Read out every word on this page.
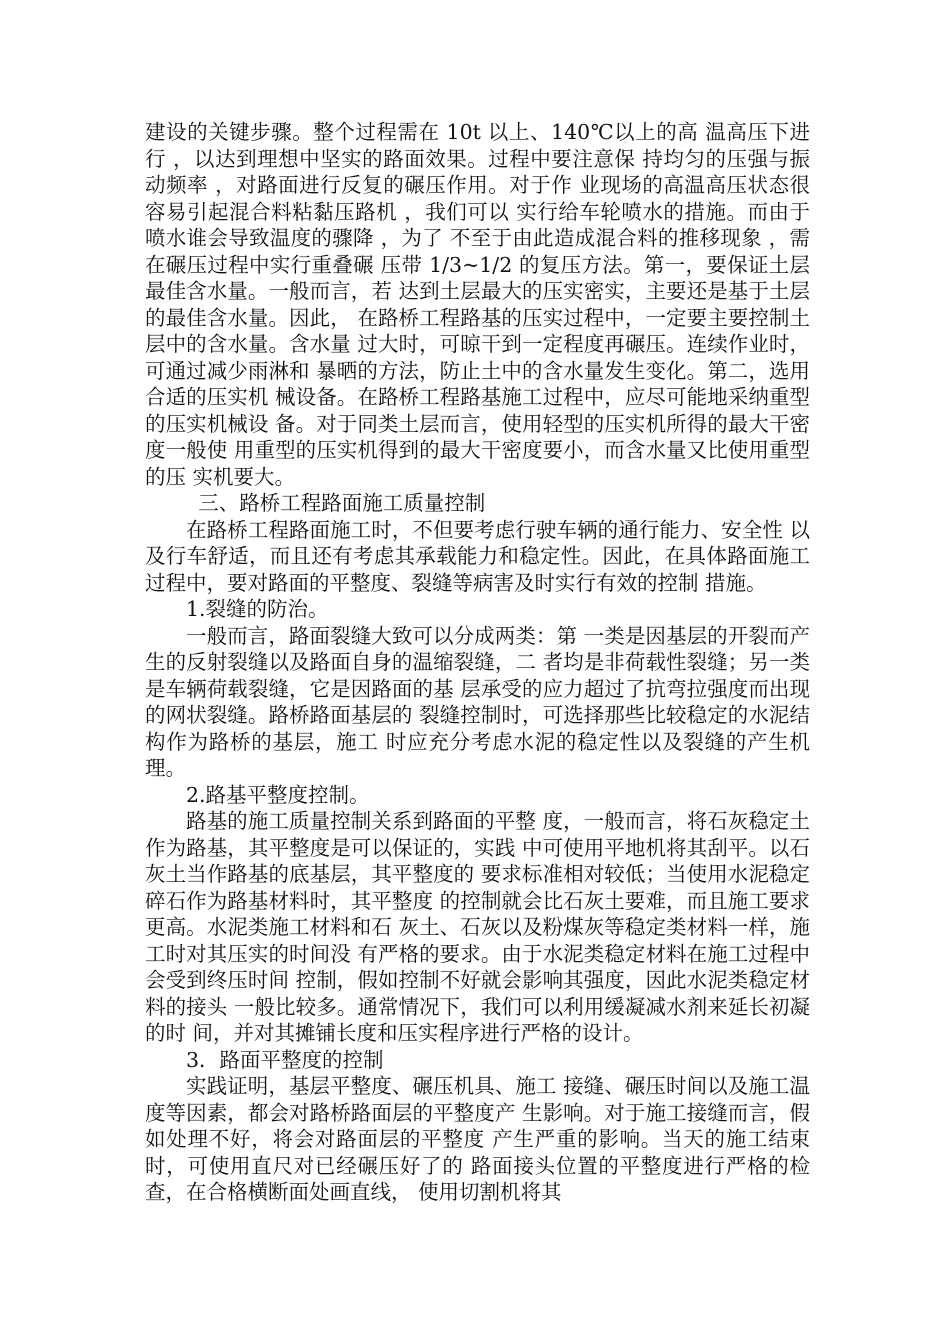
建设的关键步骤。整个过程需在 10t 以上、140℃以上的高 温高压下进行 ，以达到理想中坚实的路面效果。过程中要注意保 持均匀的压强与振动频率 ，对路面进行反复的碾压作用。对于作 业现场的高温高压状态很容易引起混合料粘黏压路机 ，我们可以 实行给车轮喷水的措施。而由于喷水谁会导致温度的骤降 ，为了 不至于由此造成混合料的推移现象 ，需在碾压过程中实行重叠碾 压带 1/3~1/2 的复压方法。第一，要保证土层最佳含水量。一般而言，若 达到土层最大的压实密实，主要还是基于土层的最佳含水量。因此， 在路桥工程路基的压实过程中，一定要主要控制土层中的含水量。含水量 过大时，可晾干到一定程度再碾压。连续作业时，可通过减少雨淋和 暴晒的方法，防止土中的含水量发生变化。第二，选用合适的压实机 械设备。在路桥工程路基施工过程中，应尽可能地采纳重型的压实机械设 备。对于同类土层而言，使用轻型的压实机所得的最大干密度一般使 用重型的压实机得到的最大干密度要小，而含水量又比使用重型的压 实机要大。

三、路桥工程路面施工质量控制

在路桥工程路面施工时，不但要考虑行驶车辆的通行能力、安全性 以及行车舒适，而且还有考虑其承载能力和稳定性。因此，在具体路面施工过程中，要对路面的平整度、裂缝等病害及时实行有效的控制 措施。

1.裂缝的防治。

一般而言，路面裂缝大致可以分成两类：第 一类是因基层的开裂而产生的反射裂缝以及路面自身的温缩裂缝，二 者均是非荷载性裂缝；另一类是车辆荷载裂缝，它是因路面的基 层承受的应力超过了抗弯拉强度而出现的网状裂缝。路桥路面基层的 裂缝控制时，可选择那些比较稳定的水泥结构作为路桥的基层，施工 时应充分考虑水泥的稳定性以及裂缝的产生机理。

2.路基平整度控制。

路基的施工质量控制关系到路面的平整 度，一般而言，将石灰稳定土作为路基，其平整度是可以保证的，实践 中可使用平地机将其刮平。以石灰土当作路基的底基层，其平整度的 要求标准相对较低；当使用水泥稳定碎石作为路基材料时，其平整度 的控制就会比石灰土要难，而且施工要求更高。水泥类施工材料和石 灰土、石灰以及粉煤灰等稳定类材料一样，施工时对其压实的时间没 有严格的要求。由于水泥类稳定材料在施工过程中会受到终压时间 控制，假如控制不好就会影响其强度，因此水泥类稳定材料的接头 一般比较多。通常情况下，我们可以利用缓凝减水剂来延长初凝的时 间，并对其摊铺长度和压实程序进行严格的设计。

3．路面平整度的控制

实践证明，基层平整度、碾压机具、施工 接缝、碾压时间以及施工温度等因素，都会对路桥路面层的平整度产 生影响。对于施工接缝而言，假如处理不好，将会对路面层的平整度 产生严重的影响。当天的施工结束时，可使用直尺对已经碾压好了的 路面接头位置的平整度进行严格的检查，在合格横断面处画直线， 使用切割机将其
